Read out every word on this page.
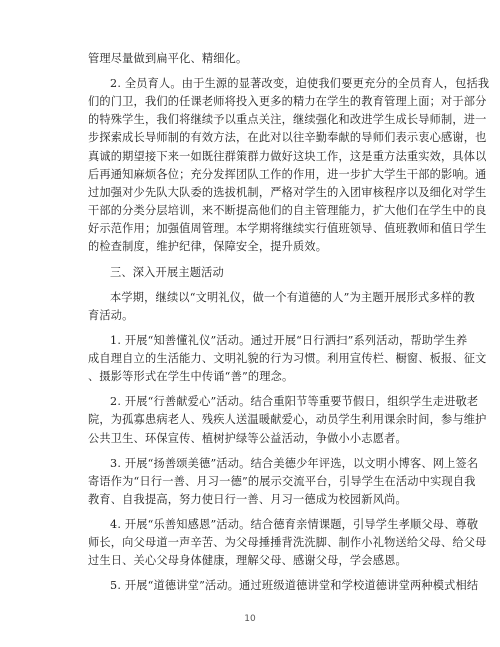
管理尽量做到扁平化、精细化。
2. 全员育人。由于生源的显著改变，迫使我们要更充分的全员育人，包括我
们的门卫，我们的任课老师将投入更多的精力在学生的教育管理上面；对于部分
的特殊学生，我们将继续予以重点关注，继续强化和改进学生成长导师制，进一
步探索成长导师制的有效方法，在此对以往辛勤奉献的导师们表示衷心感谢，也
真诚的期望接下来一如既往群策群力做好这块工作，这是重方法重实效，具体以
后再通知麻烦各位；充分发挥团队工作的作用，进一步扩大学生干部的影响。通
过加强对少先队大队委的选拔机制，严格对学生的入团审核程序以及细化对学生
干部的分类分层培训，来不断提高他们的自主管理能力，扩大他们在学生中的良
好示范作用；加强值周管理。本学期将继续实行值班领导、值班教师和值日学生
的检查制度，维护纪律，保障安全，提升质效。
三、深入开展主题活动
本学期，继续以“文明礼仪，做一个有道德的人”为主题开展形式多样的教
育活动。
1. 开展“知善懂礼仪”活动。通过开展“日行洒扫”系列活动，帮助学生养
成自理自立的生活能力、文明礼貌的行为习惯。利用宣传栏、橱窗、板报、征文
、摄影等形式在学生中传诵“善”的理念。
2. 开展“行善献爱心”活动。结合重阳节等重要节假日，组织学生走进敬老
院，为孤寡患病老人、残疾人送温暖献爱心，动员学生利用课余时间，参与维护
公共卫生、环保宣传、植树护绿等公益活动，争做小小志愿者。
3. 开展“扬善颂美德”活动。结合美德少年评选，以文明小博客、网上签名
寄语作为“日行一善、月习一德”的展示交流平台，引导学生在活动中实现自我
教育、自我提高，努力使日行一善、月习一德成为校园新风尚。
4. 开展“乐善知感恩”活动。结合德育亲情课题，引导学生孝顺父母、尊敬
师长，向父母道一声辛苦、为父母捶捶背洗洗脚、制作小礼物送给父母、给父母
过生日、关心父母身体健康，理解父母、感谢父母，学会感恩。
5. 开展“道德讲堂”活动。通过班级道德讲堂和学校道德讲堂两种模式相结
10
